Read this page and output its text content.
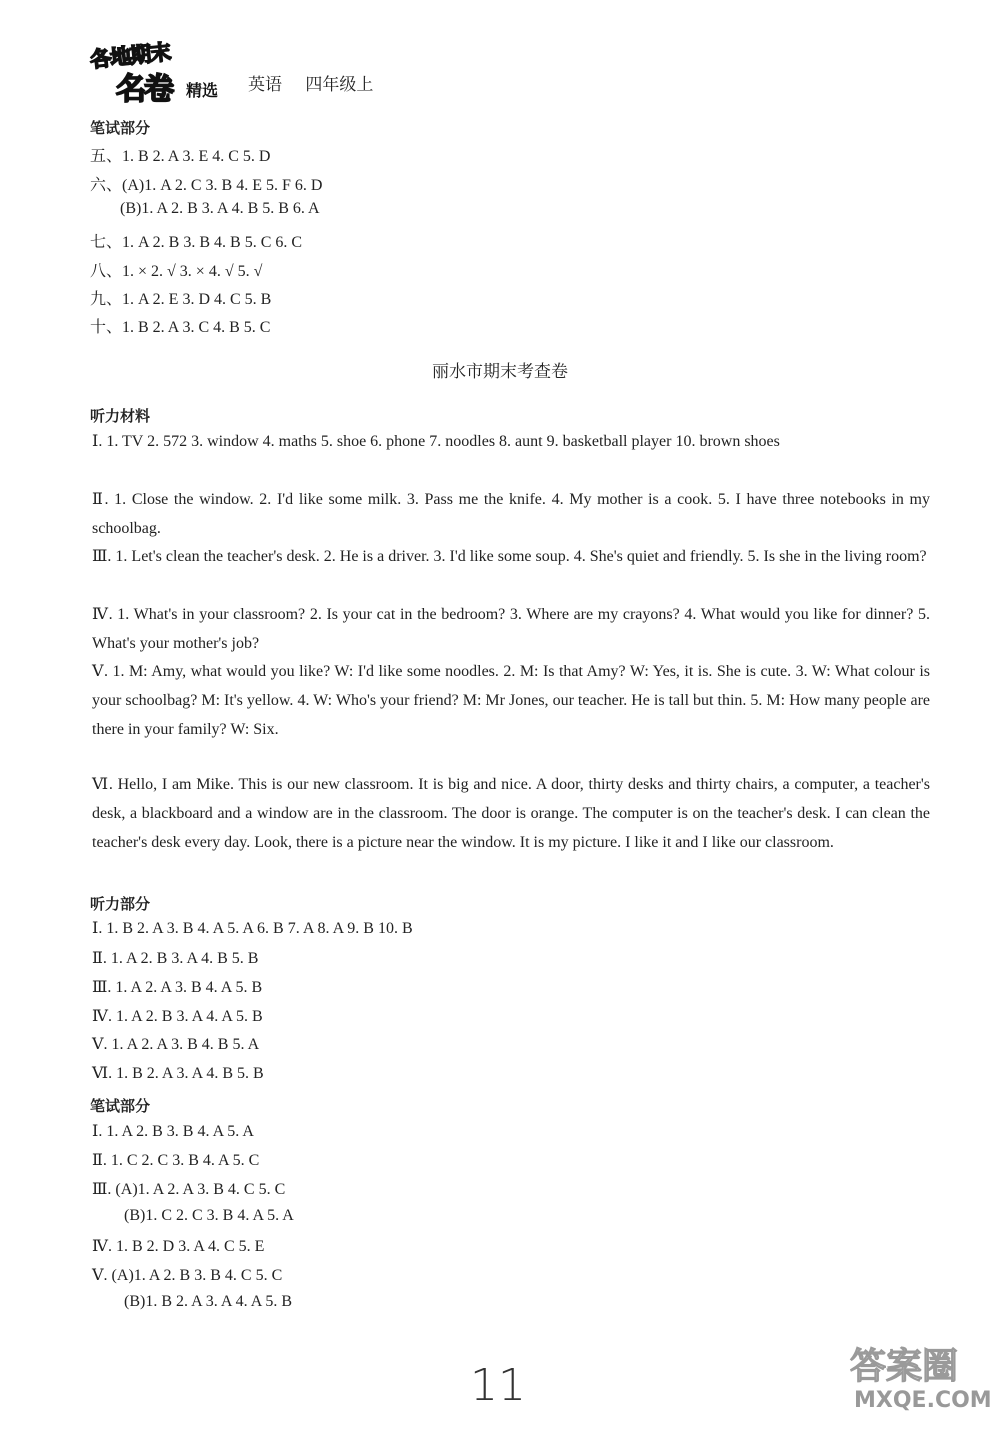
各地期末
名卷 精选 英语 四年级上
笔试部分
五、1. B 2. A 3. E 4. C 5. D
六、(A)1. A 2. C 3. B 4. E 5. F 6. D
(B)1. A 2. B 3. A 4. B 5. B 6. A
七、1. A 2. B 3. B 4. B 5. C 6. C
八、1. × 2. √ 3. × 4. √ 5. √
九、1. A 2. E 3. D 4. C 5. B
十、1. B 2. A 3. C 4. B 5. C
丽水市期末考查卷
听力材料
Ⅰ. 1. TV 2. 572 3. window 4. maths 5. shoe 6. phone 7. noodles 8. aunt 9. basketball player 10. brown shoes
Ⅱ. 1. Close the window. 2. I'd like some milk. 3. Pass me the knife. 4. My mother is a cook. 5. I have three notebooks in my schoolbag.
Ⅲ. 1. Let's clean the teacher's desk. 2. He is a driver. 3. I'd like some soup. 4. She's quiet and friendly. 5. Is she in the living room?
Ⅳ. 1. What's in your classroom? 2. Is your cat in the bedroom? 3. Where are my crayons? 4. What would you like for dinner? 5. What's your mother's job?
Ⅴ. 1. M: Amy, what would you like? W: I'd like some noodles. 2. M: Is that Amy? W: Yes, it is. She is cute. 3. W: What colour is your schoolbag? M: It's yellow. 4. W: Who's your friend? M: Mr Jones, our teacher. He is tall but thin. 5. M: How many people are there in your family? W: Six.
Ⅵ. Hello, I am Mike. This is our new classroom. It is big and nice. A door, thirty desks and thirty chairs, a computer, a teacher's desk, a blackboard and a window are in the classroom. The door is orange. The computer is on the teacher's desk. I can clean the teacher's desk every day. Look, there is a picture near the window. It is my picture. I like it and I like our classroom.
听力部分
Ⅰ. 1. B 2. A 3. B 4. A 5. A 6. B 7. A 8. A 9. B 10. B
Ⅱ. 1. A 2. B 3. A 4. B 5. B
Ⅲ. 1. A 2. A 3. B 4. A 5. B
Ⅳ. 1. A 2. B 3. A 4. A 5. B
Ⅴ. 1. A 2. A 3. B 4. B 5. A
Ⅵ. 1. B 2. A 3. A 4. B 5. B
笔试部分
Ⅰ. 1. A 2. B 3. B 4. A 5. A
Ⅱ. 1. C 2. C 3. B 4. A 5. C
Ⅲ. (A)1. A 2. A 3. B 4. C 5. C
(B)1. C 2. C 3. B 4. A 5. A
Ⅳ. 1. B 2. D 3. A 4. C 5. E
Ⅴ. (A)1. A 2. B 3. B 4. C 5. C
(B)1. B 2. A 3. A 4. A 5. B
11	答案圈
MXQE.COM
